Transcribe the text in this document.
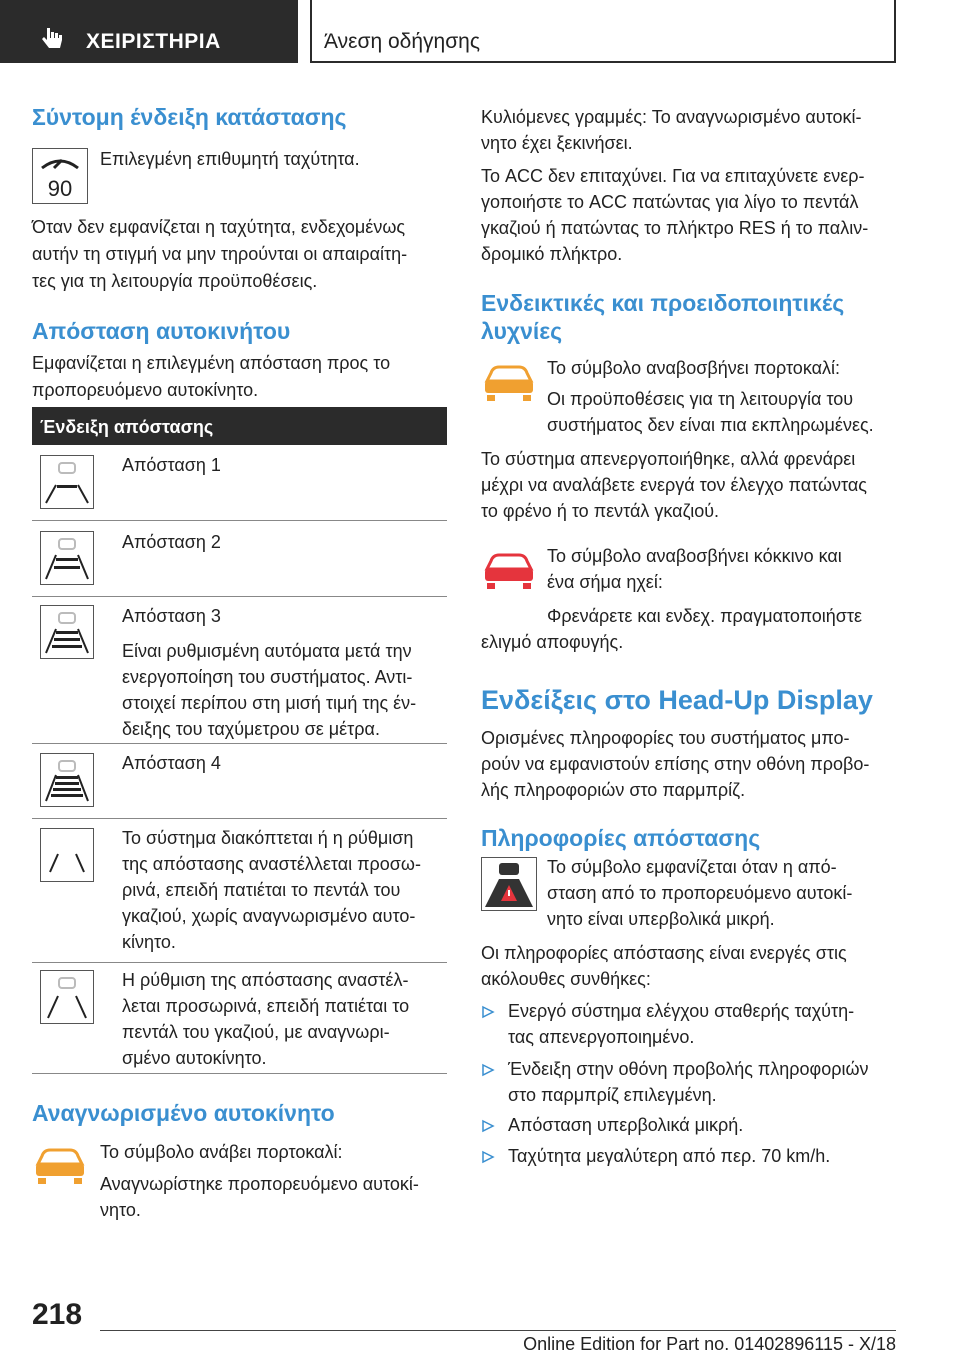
ΧΕΙΡΙΣΤΗΡΙΑ	Άνεση οδήγησης
Σύντομη ένδειξη κατάστασης
90
Επιλεγμένη επιθυμητή ταχύτητα.
Όταν δεν εμφανίζεται η ταχύτητα, ενδεχομένως
αυτήν τη στιγμή να μην τηρούνται οι απαιραίτη-
τες για τη λειτουργία προϋποθέσεις.
Απόσταση αυτοκινήτου
Εμφανίζεται η επιλεγμένη απόσταση προς το
προπορευόμενο αυτοκίνητο.
Ένδειξη απόστασης
Απόσταση 1
Απόσταση 2
Απόσταση 3
Είναι ρυθμισμένη αυτόματα μετά την
ενεργοποίηση του συστήματος. Αντι-
στοιχεί περίπου στη μισή τιμή της έν-
δειξης του ταχύμετρου σε μέτρα.
Απόσταση 4
Το σύστημα διακόπτεται ή η ρύθμιση
της απόστασης αναστέλλεται προσω-
ρινά, επειδή πατιέται το πεντάλ του
γκαζιού, χωρίς αναγνωρισμένο αυτο-
κίνητο.
Η ρύθμιση της απόστασης αναστέλ-
λεται προσωρινά, επειδή πατιέται το
πεντάλ του γκαζιού, με αναγνωρι-
σμένο αυτοκίνητο.
Αναγνωρισμένο αυτοκίνητο
Το σύμβολο ανάβει πορτοκαλί:
Αναγνωρίστηκε προπορευόμενο αυτοκί-
νητο.
Κυλιόμενες γραμμές: Το αναγνωρισμένο αυτοκί-
νητο έχει ξεκινήσει.
Το ACC δεν επιταχύνει. Για να επιταχύνετε ενερ-
γοποιήστε το ACC πατώντας για λίγο το πεντάλ
γκαζιού ή πατώντας το πλήκτρο RES ή το παλιν-
δρομικό πλήκτρο.
Ενδεικτικές και προειδοποιητικές
λυχνίες
Το σύμβολο αναβοσβήνει πορτοκαλί:
Οι προϋποθέσεις για τη λειτουργία του
συστήματος δεν είναι πια εκπληρωμένες.
Το σύστημα απενεργοποιήθηκε, αλλά φρενάρει
μέχρι να αναλάβετε ενεργά τον έλεγχο πατώντας
το φρένο ή το πεντάλ γκαζιού.
Το σύμβολο αναβοσβήνει κόκκινο και
ένα σήμα ηχεί:
Φρενάρετε και ενδεχ. πραγματοποιήστε
ελιγμό αποφυγής.
Ενδείξεις στο Head-Up Display
Ορισμένες πληροφορίες του συστήματος μπο-
ρούν να εμφανιστούν επίσης στην οθόνη προβο-
λής πληροφοριών στο παρμπρίζ.
Πληροφορίες απόστασης
Το σύμβολο εμφανίζεται όταν η από-
σταση από το προπορευόμενο αυτοκί-
νητο είναι υπερβολικά μικρή.
Οι πληροφορίες απόστασης είναι ενεργές στις
ακόλουθες συνθήκες:
Ενεργό σύστημα ελέγχου σταθερής ταχύτη-
τας απενεργοποιημένο.
Ένδειξη στην οθόνη προβολής πληροφοριών
στο παρμπρίζ επιλεγμένη.
Απόσταση υπερβολικά μικρή.
Ταχύτητα μεγαλύτερη από περ. 70 km/h.
218
Online Edition for Part no. 01402896115 - X/18
